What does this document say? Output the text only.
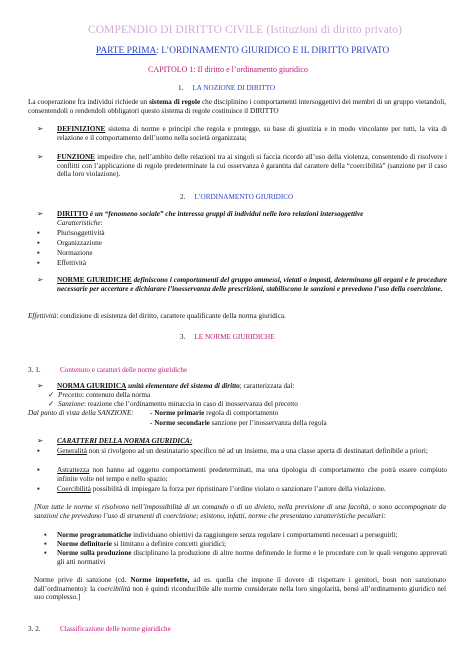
COMPENDIO DI DIRITTO CIVILE (Istituzioni di diritto privato)
PARTE PRIMA: L’ORDINAMENTO GIURIDICO E IL DIRITTO PRIVATO
CAPITOLO 1: Il diritto e l’ordinamento giuridico
1. LA NOZIONE DI DIRITTO
La cooperazione fra individui richiede un sistema di regole che disciplinino i comportamenti intersoggettivi dei membri di un gruppo vietandoli, consentendoli o rendendoli obbligatori questo sistema di regole costituisce il DIRITTO
➢ DEFINIZIONE sistema di norme e principi che regola e protegge, su base di giustizia e in modo vincolante per tutti, la vita di relazione e il comportamento dell’uomo nella società organizzata;
➢ FUNZIONE impedire che, nell’ambito delle relazioni tra ai singoli si faccia ricordo all’uso della violenza, consentendo di risolvere i conflitti con l’applicazione di regole predeterminate la cui osservanza è garantita dal carattere della “coercibilità” (sanzione per il caso della loro violazione).
2. L’ORDINAMENTO GIURIDICO
➢ DIRITTO è un “fenomeno sociale” che interessa gruppi di individui nelle loro relazioni intersoggettive
Caratteristiche:
▪ Plurisoggettività
▪ Organizzazione
▪ Normazione
▪ Effettività
➢ NORME GIURIDICHE definiscono i comportamenti del gruppo ammessi, vietati o imposti, determinano gli organi e le procedure necessarie per accertare e dichiarare l’inosservanza delle prescrizioni, stabiliscono le sanzioni e prevedono l’uso della coercizione.
Effettività: condizione di esistenza del diritto, carattere qualificante della norma giuridica.
3. LE NORME GIURIDICHE
3. 1.	Contenuto e caratteri delle norme giuridiche
➢ NORMA GIURIDICA unità elementare del sistema di diritto; caratterizzata dal:
✓ Precetto: contenuto della norma
✓ Sanzione: reazione che l’ordinamento minaccia in caso di inosservanza del precetto
Dal punto di vista della SANZIONE: - Norme primarie regola di comportamento
- Norme secondarie sanzione per l’inosservanza della regola
➢ CARATTERI DELLA NORMA GIURIDICA:
▪ Generalità non si rivolgono ad un destinatario specifico né ad un insieme, ma a una classe aperta di destinatari definibile a priori;
▪ Astrattezza non hanno ad oggetto comportamenti predeterminati, ma una tipologia di comportamento che potrà essere compiuto infinite volte nel tempo e nello spazio;
▪ Coercibilità possibilità di impiegare la forza per ripristinare l’ordine violato o sanzionare l’autore della violazione.
[Non tutte le norme si risolvono nell’impossibilità di un comando o di un divieto, nella previsione di una facoltà, o sono accompognate da sanzioni che prevedono l’uso di strumenti di coercizione; esistono, infatti, norme che presentano caratteristiche peculiari:
▪ Norme programmatiche individuano obiettivi da raggiungere senza regolare i comportamenti necessari a perseguirli;
▪ Norme definitorie si limitano a definire concetti giuridici;
▪ Norme sulla produzione disciplinano la produzione di altre norme definendo le forme e le procedure con le quali vengono approvati gli atti normativi
Norme prive di sanzione (cd. Norme imperfette, ad es. quella che impone il dovere di rispettare i genitori, bosn non sanzionato dall’ordinamento): la coercibilità non è quindi riconducibile alle norme considerate nella loro singolarità, bensì all’ordinamento giuridico nel suo complesso.]
3. 2.	Classificazione delle norme giuridiche
